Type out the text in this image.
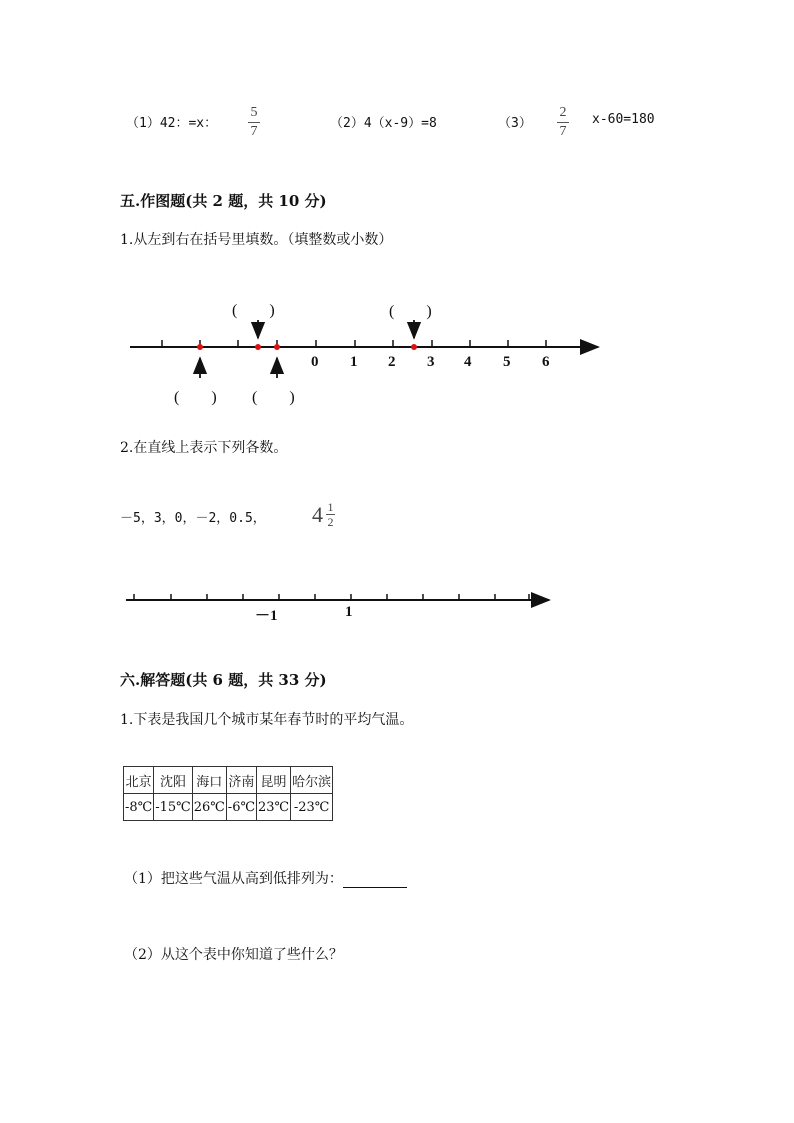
（1）42：=x：
5
7
（2）4（x-9）=8	（3）
2
7
x-60=180
五.作图题(共 2 题，共 10 分)
1.从左到右在括号里填数。（填整数或小数）
(　　)	(　　)
(　　) (　　)
0 1 2 3 4 5 6
2.在直线上表示下列各数。
－5，3，0，－2，0.5， 4 1
2
－1	1
六.解答题(共 6 题，共 33 分)
1.下表是我国几个城市某年春节时的平均气温。
北京	沈阳	海口	济南	昆明	哈尔滨
-8℃	-15℃	26℃	-6℃	23℃	-23℃
（1）把这些气温从高到低排列为：
（2）从这个表中你知道了些什么？
